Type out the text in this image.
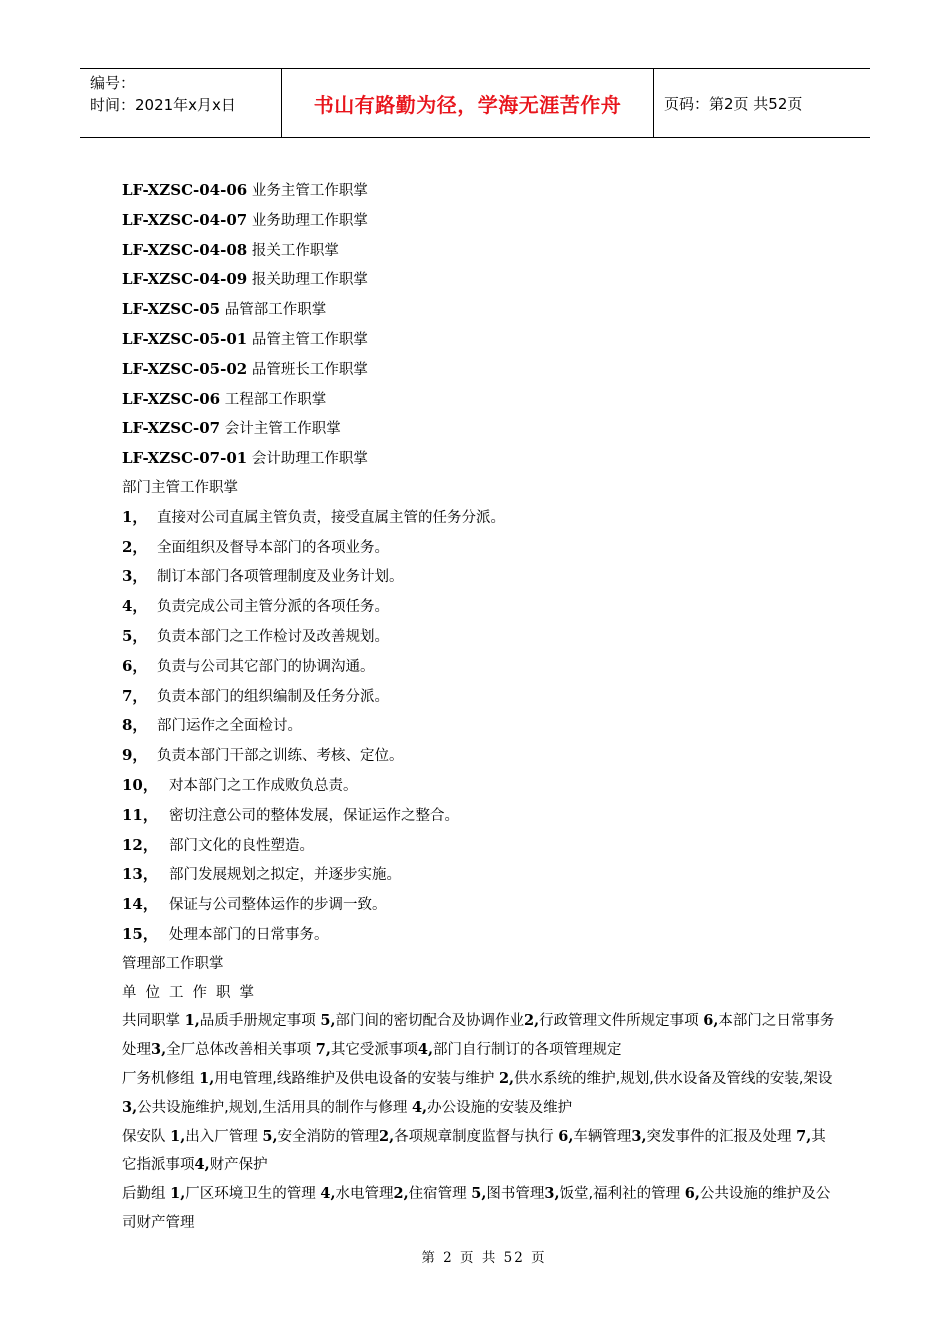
编号：
时间：2021年x月x日	书山有路勤为径，学海无涯苦作舟	页码：第2页 共52页
LF-XZSC-04-06 业务主管工作职掌
LF-XZSC-04-07 业务助理工作职掌
LF-XZSC-04-08 报关工作职掌
LF-XZSC-04-09 报关助理工作职掌
LF-XZSC-05 品管部工作职掌
LF-XZSC-05-01 品管主管工作职掌
LF-XZSC-05-02 品管班长工作职掌
LF-XZSC-06 工程部工作职掌
LF-XZSC-07 会计主管工作职掌
LF-XZSC-07-01 会计助理工作职掌
部门主管工作职掌
1， 直接对公司直属主管负责，接受直属主管的任务分派。
2， 全面组织及督导本部门的各项业务。
3， 制订本部门各项管理制度及业务计划。
4， 负责完成公司主管分派的各项任务。
5， 负责本部门之工作检讨及改善规划。
6， 负责与公司其它部门的协调沟通。
7， 负责本部门的组织编制及任务分派。
8， 部门运作之全面检讨。
9， 负责本部门干部之训练、考核、定位。
10， 对本部门之工作成败负总责。
11， 密切注意公司的整体发展，保证运作之整合。
12， 部门文化的良性塑造。
13， 部门发展规划之拟定，并逐步实施。
14， 保证与公司整体运作的步调一致。
15， 处理本部门的日常事务。
管理部工作职掌
单位工作职掌
共同职掌 1,品质手册规定事项 5,部门间的密切配合及协调作业2,行政管理文件所规定事项 6,本部门之日常事务处理3,全厂总体改善相关事项 7,其它受派事项4,部门自行制订的各项管理规定
厂务机修组 1,用电管理,线路维护及供电设备的安装与维护 2,供水系统的维护,规划,供水设备及管线的安装,架设 3,公共设施维护,规划,生活用具的制作与修理 4,办公设施的安装及维护
保安队 1,出入厂管理 5,安全消防的管理2,各项规章制度监督与执行 6,车辆管理3,突发事件的汇报及处理 7,其它指派事项4,财产保护
后勤组 1,厂区环境卫生的管理 4,水电管理2,住宿管理 5,图书管理3,饭堂,福利社的管理 6,公共设施的维护及公司财产管理
第 2 页 共 52 页
